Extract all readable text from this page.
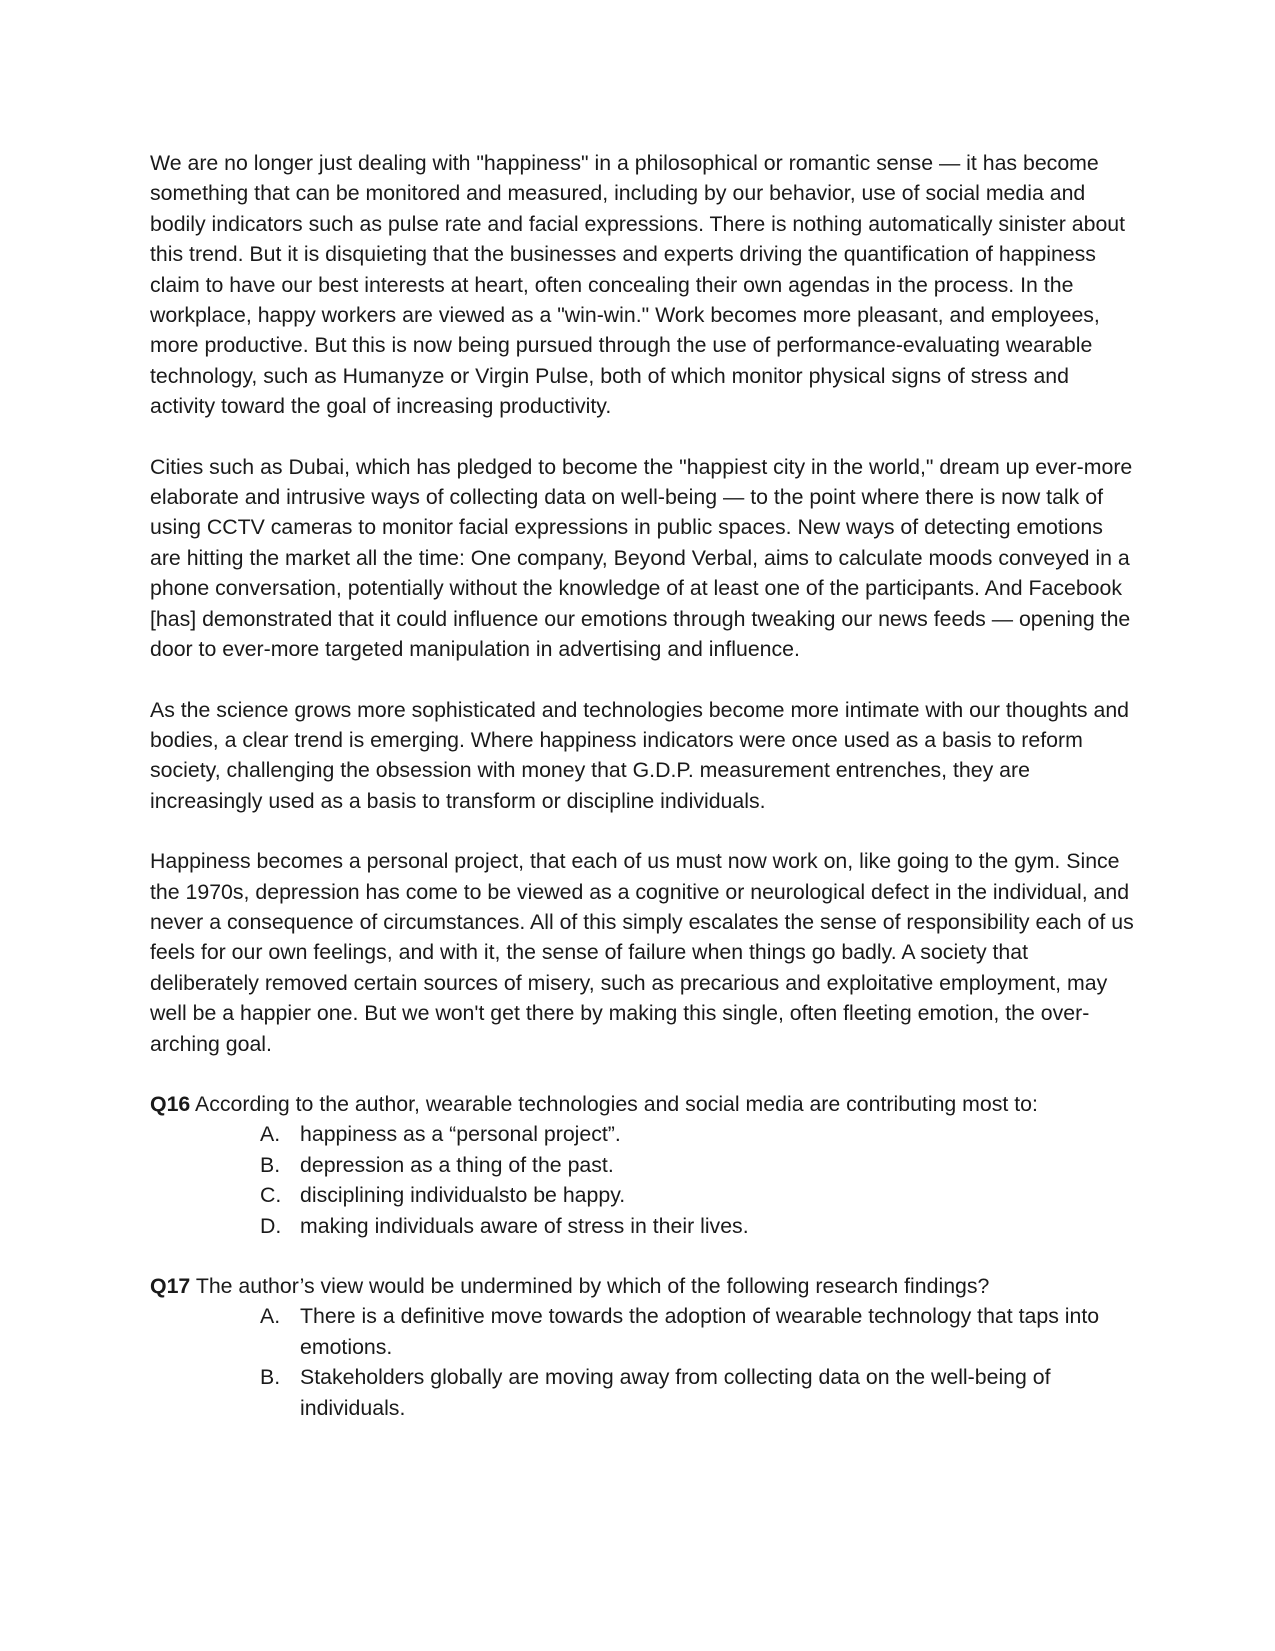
We are no longer just dealing with "happiness" in a philosophical or romantic sense — it has become something that can be monitored and measured, including by our behavior, use of social media and bodily indicators such as pulse rate and facial expressions. There is nothing automatically sinister about this trend. But it is disquieting that the businesses and experts driving the quantification of happiness claim to have our best interests at heart, often concealing their own agendas in the process. In the workplace, happy workers are viewed as a "win-win." Work becomes more pleasant, and employees, more productive. But this is now being pursued through the use of performance-evaluating wearable technology, such as Humanyze or Virgin Pulse, both of which monitor physical signs of stress and activity toward the goal of increasing productivity.

Cities such as Dubai, which has pledged to become the "happiest city in the world," dream up ever-more elaborate and intrusive ways of collecting data on well-being — to the point where there is now talk of using CCTV cameras to monitor facial expressions in public spaces. New ways of detecting emotions are hitting the market all the time: One company, Beyond Verbal, aims to calculate moods conveyed in a phone conversation, potentially without the knowledge of at least one of the participants. And Facebook [has] demonstrated that it could influence our emotions through tweaking our news feeds — opening the door to ever-more targeted manipulation in advertising and influence.

As the science grows more sophisticated and technologies become more intimate with our thoughts and bodies, a clear trend is emerging. Where happiness indicators were once used as a basis to reform society, challenging the obsession with money that G.D.P. measurement entrenches, they are increasingly used as a basis to transform or discipline individuals.

Happiness becomes a personal project, that each of us must now work on, like going to the gym. Since the 1970s, depression has come to be viewed as a cognitive or neurological defect in the individual, and never a consequence of circumstances. All of this simply escalates the sense of responsibility each of us feels for our own feelings, and with it, the sense of failure when things go badly. A society that deliberately removed certain sources of misery, such as precarious and exploitative employment, may well be a happier one. But we won't get there by making this single, often fleeting emotion, the over-arching goal.

Q16 According to the author, wearable technologies and social media are contributing most to:

A. happiness as a “personal project”.
B. depression as a thing of the past.
C. disciplining individualsto be happy.
D. making individuals aware of stress in their lives.

Q17 The author’s view would be undermined by which of the following research findings?

A. There is a definitive move towards the adoption of wearable technology that taps into emotions.
B. Stakeholders globally are moving away from collecting data on the well-being of individuals.
